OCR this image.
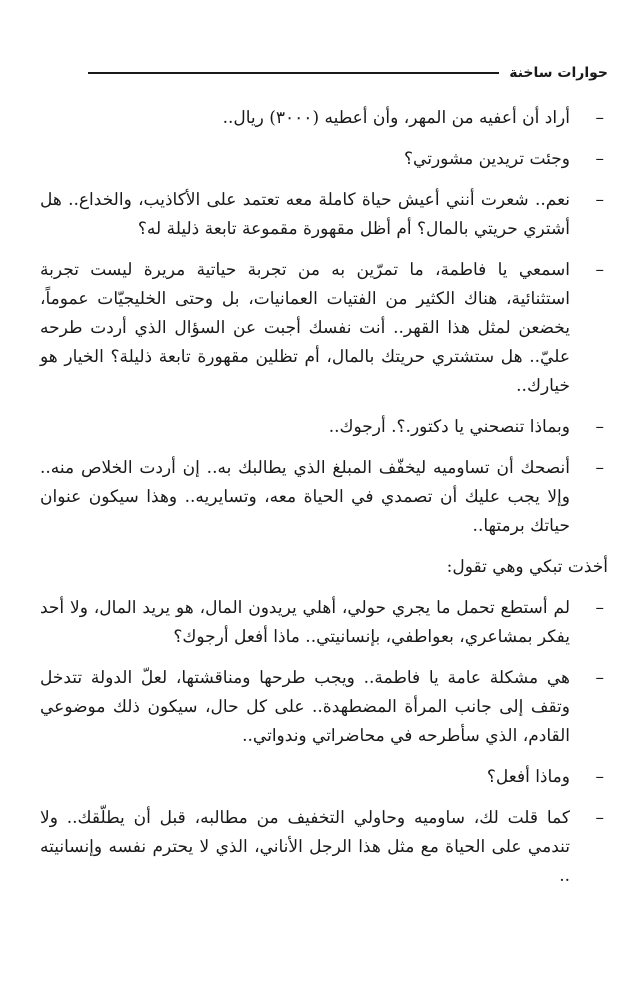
حوارات ساخنة
–
أراد أن أعفيه من المهر، وأن أعطيه (٣٠٠٠) ريال..
–
وجئت تريدين مشورتي؟
–
نعم.. شعرت أنني أعيش حياة كاملة معه تعتمد على الأكاذيب، والخداع.. هل أشتري حريتي بالمال؟ أم أظل مقهورة مقموعة تابعة ذليلة له؟
–
اسمعي يا فاطمة، ما تمرّين به من تجربة حياتية مريرة ليست تجربة استثنائية، هناك الكثير من الفتيات العمانيات، بل وحتى الخليجيّات عموماً، يخضعن لمثل هذا القهر.. أنت نفسك أجبت عن السؤال الذي أردت طرحه عليّ.. هل ستشتري حريتك بالمال، أم تظلين مقهورة تابعة ذليلة؟ الخيار هو خيارك..
–
وبماذا تنصحني يا دكتور.؟. أرجوك..
–
أنصحك أن تساوميه ليخفّف المبلغ الذي يطالبك به.. إن أردت الخلاص منه.. وإلا يجب عليك أن تصمدي في الحياة معه، وتسايريه.. وهذا سيكون عنوان حياتك برمتها..
أخذت تبكي وهي تقول:
–
لم أستطع تحمل ما يجري حولي، أهلي يريدون المال، هو يريد المال، ولا أحد يفكر بمشاعري، بعواطفي، بإنسانيتي.. ماذا أفعل أرجوك؟
–
هي مشكلة عامة يا فاطمة.. ويجب طرحها ومناقشتها، لعلّ الدولة تتدخل وتقف إلى جانب المرأة المضطهدة.. على كل حال، سيكون ذلك موضوعي القادم، الذي سأطرحه في محاضراتي وندواتي..
–
وماذا أفعل؟
–
كما قلت لك، ساوميه وحاولي التخفيف من مطالبه، قبل أن يطلّقك.. ولا تندمي على الحياة مع مثل هذا الرجل الأناني، الذي لا يحترم نفسه وإنسانيته ..
